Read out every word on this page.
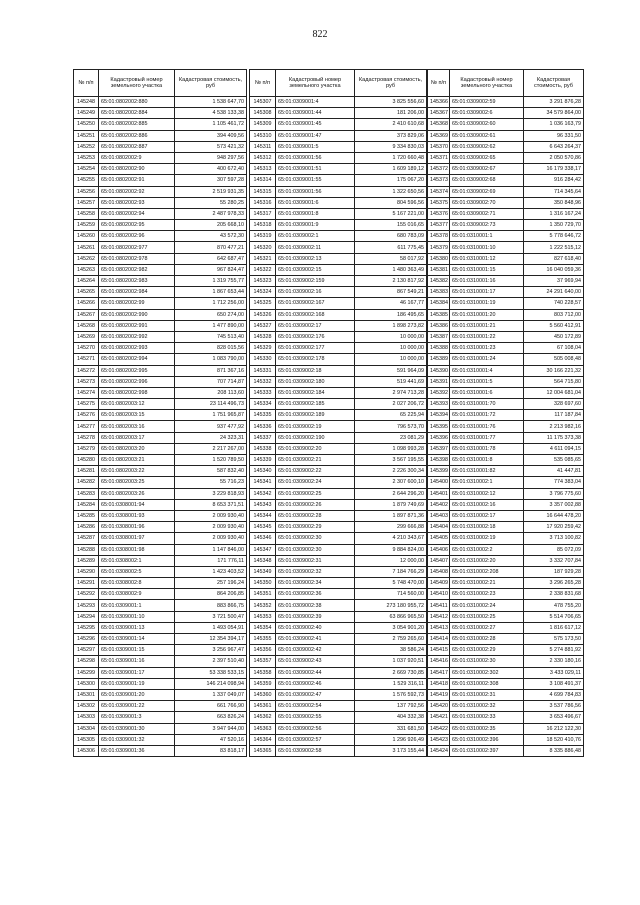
822
№ п/п	Кадастровый номер земельного участка	Кадастровая стоимость, руб
145248	65:01:0802002:880	1 538 647,70
145249	65:01:0802002:884	4 538 133,38
145250	65:01:0802002:885	1 105 461,72
145251	65:01:0802002:886	394 409,56
145252	65:01:0802002:887	573 421,32
145253	65:01:0802002:9	948 297,56
145254	65:01:0802002:90	400 672,40
145255	65:01:0802002:91	307 597,28
145256	65:01:0802002:92	2 519 931,35
145257	65:01:0802002:93	55 280,25
145258	65:01:0802002:94	2 487 978,33
145259	65:01:0802002:95	205 668,10
145260	65:01:0802002:96	43 572,30
145261	65:01:0802002:977	870 477,21
145262	65:01:0802002:978	642 687,47
145263	65:01:0802002:982	967 824,47
145264	65:01:0802002:983	1 319 755,77
145265	65:01:0802002:984	1 867 653,44
145266	65:01:0802002:99	1 712 256,00
145267	65:01:0802002:990	650 274,00
145268	65:01:0802002:991	1 477 890,00
145269	65:01:0802002:992	745 513,40
145270	65:01:0802002:993	828 015,56
145271	65:01:0802002:994	1 083 790,00
145272	65:01:0802002:995	871 367,16
145273	65:01:0802002:996	707 714,87
145274	65:01:0802002:998	208 113,60
145275	65:01:0802003:12	23 114 496,73
145276	65:01:0802003:15	1 751 965,87
145277	65:01:0802003:16	937 477,92
145278	65:01:0802003:17	24 323,31
145279	65:01:0802003:20	2 217 267,00
145280	65:01:0802003:21	1 520 789,50
145281	65:01:0802003:22	587 832,40
145282	65:01:0802003:25	55 716,23
145283	65:01:0802003:26	3 229 818,93
145284	65:01:0308001:94	8 653 371,51
145285	65:01:0308001:93	2 009 930,40
145286	65:01:0308001:96	2 009 930,40
145287	65:01:0308001:97	2 009 930,40
145288	65:01:0308001:98	1 147 846,00
145289	65:01:0308002:1	171 776,11
145290	65:01:0308002:5	1 423 403,52
145291	65:01:0308002:8	257 196,24
145292	65:01:0308002:9	864 206,85
145293	65:01:0309001:1	883 866,75
145294	65:01:0309001:10	3 721 500,47
145295	65:01:0309001:13	1 493 054,91
145296	65:01:0309001:14	12 354 394,17
145297	65:01:0309001:15	3 256 967,47
145298	65:01:0309001:16	2 397 510,40
145299	65:01:0309001:17	53 338 533,15
145300	65:01:0309001:19	146 214 098,94
145301	65:01:0309001:20	1 337 049,07
145302	65:01:0309001:22	661 766,90
145303	65:01:0309001:3	663 826,24
145304	65:01:0309001:30	3 947 944,00
145305	65:01:0309001:32	47 520,16
145306	65:01:0309001:36	83 818,17
№ п/п	Кадастровый номер земельного участка	Кадастровая стоимость, руб
145307	65:01:0309001:4	3 825 556,60
145308	65:01:0309001:44	181 206,00
145309	65:01:0309001:45	2 410 610,68
145310	65:01:0309001:47	373 829,06
145311	65:01:0309001:5	9 334 830,03
145312	65:01:0309001:56	1 720 660,48
145313	65:01:0309001:51	1 609 189,12
145314	65:01:0309001:55	175 067,20
145315	65:01:0309001:56	1 322 650,56
145316	65:01:0309001:6	804 596,56
145317	65:01:0309001:8	5 167 221,00
145318	65:01:0309001:9	155 016,65
145319	65:01:0309002:1	680 783,09
145320	65:01:0309002:11	611 775,45
145321	65:01:0309002:13	58 017,92
145322	65:01:0309002:15	1 480 363,49
145323	65:01:0309002:159	2 130 817,92
145324	65:01:0309002:16	867 549,21
145325	65:01:0309002:167	46 167,77
145326	65:01:0309002:168	186 495,65
145327	65:01:0309002:17	1 898 273,82
145328	65:01:0309002:176	10 000,00
145329	65:01:0309002:177	10 000,00
145330	65:01:0309002:178	10 000,00
145331	65:01:0309002:18	591 964,09
145332	65:01:0309002:180	519 441,69
145333	65:01:0309002:184	2 974 713,28
145334	65:01:0309002:185	2 027 206,72
145335	65:01:0309002:189	65 225,94
145336	65:01:0309002:19	796 573,70
145337	65:01:0309002:190	23 081,29
145338	65:01:0309002:20	1 098 993,28
145339	65:01:0309002:21	3 567 195,55
145340	65:01:0309002:22	2 226 300,34
145341	65:01:0309002:24	2 307 600,10
145342	65:01:0309002:25	2 644 296,20
145343	65:01:0309002:26	1 879 749,69
145344	65:01:0309002:28	1 897 871,36
145345	65:01:0309002:29	299 666,88
145346	65:01:0309002:30	4 210 343,67
145347	65:01:0309002:30	9 884 824,00
145348	65:01:0309002:31	12 000,00
145349	65:01:0309002:32	7 184 766,29
145350	65:01:0309002:34	5 748 470,00
145351	65:01:0309002:36	714 560,00
145352	65:01:0309002:38	273 180 955,72
145353	65:01:0309002:39	63 866 965,50
145354	65:01:0309002:40	3 054 901,20
145355	65:01:0309002:41	2 759 265,60
145356	65:01:0309002:42	38 586,24
145357	65:01:0309002:43	1 037 920,51
145358	65:01:0309002:44	2 669 730,85
145359	65:01:0309002:46	1 529 316,11
145360	65:01:0309002:47	1 576 592,73
145361	65:01:0309002:54	137 792,56
145362	65:01:0309002:55	404 332,38
145363	65:01:0309002:56	331 681,50
145364	65:01:0309002:57	1 296 926,49
145365	65:01:0309002:58	3 173 155,44
№ п/п	Кадастровый номер земельного участка	Кадастровая стоимость, руб
145366	65:01:0309002:59	3 291 876,28
145367	65:01:0309002:6	34 579 864,00
145368	65:01:0309002:60	1 036 163,79
145369	65:01:0309002:61	96 331,50
145370	65:01:0309002:62	6 643 264,37
145371	65:01:0309002:65	2 050 570,86
145372	65:01:0309002:67	16 179 338,17
145373	65:01:0309002:68	916 284,42
145374	65:01:0309002:69	714 345,64
145375	65:01:0309002:70	350 848,96
145376	65:01:0309002:71	1 316 167,24
145377	65:01:0309002:73	1 350 729,70
145378	65:01:0310001:1	5 778 646,72
145379	65:01:0310001:10	1 222 515,12
145380	65:01:0310001:12	827 618,40
145381	65:01:0310001:15	16 040 059,36
145382	65:01:0310001:16	37 969,94
145383	65:01:0310001:17	24 291 640,00
145384	65:01:0310001:19	740 228,57
145385	65:01:0310001:20	803 712,00
145386	65:01:0310001:21	5 560 412,91
145387	65:01:0310001:22	450 172,89
145388	65:01:0310001:23	67 108,04
145389	65:01:0310001:24	505 008,48
145390	65:01:0310001:4	30 166 221,32
145391	65:01:0310001:5	564 715,80
145392	65:01:0310001:6	12 004 681,04
145393	65:01:0310001:70	328 697,60
145394	65:01:0310001:72	117 187,84
145395	65:01:0310001:76	2 213 982,16
145396	65:01:0310001:77	11 175 373,38
145397	65:01:0310001:78	4 611 094,15
145398	65:01:0310001:8	535 085,65
145399	65:01:0310001:82	41 447,81
145400	65:01:0310002:1	774 383,04
145401	65:01:0310002:12	3 796 775,60
145402	65:01:0310002:16	3 357 002,88
145403	65:01:0310002:17	16 644 478,20
145404	65:01:0310002:18	17 920 259,42
145405	65:01:0310002:19	3 713 100,82
145406	65:01:0310002:2	85 072,09
145407	65:01:0310002:20	3 332 707,84
145408	65:01:0310002:208	187 929,28
145409	65:01:0310002:21	3 296 265,28
145410	65:01:0310002:23	2 338 831,68
145411	65:01:0310002:24	478 755,20
145412	65:01:0310002:25	5 514 706,65
145413	65:01:0310002:27	1 816 617,12
145414	65:01:0310002:28	575 173,50
145415	65:01:0310002:29	5 274 881,92
145416	65:01:0310002:30	2 330 180,16
145417	65:01:0310002:302	3 433 029,11
145418	65:01:0310002:308	3 108 491,37
145419	65:01:0310002:31	4 699 784,83
145420	65:01:0310002:32	3 537 786,56
145421	65:01:0310002:33	3 653 496,67
145422	65:01:0310002:35	16 212 122,30
145423	65:01:0310002:396	18 520 410,76
145424	65:01:0310002:397	8 335 886,48
